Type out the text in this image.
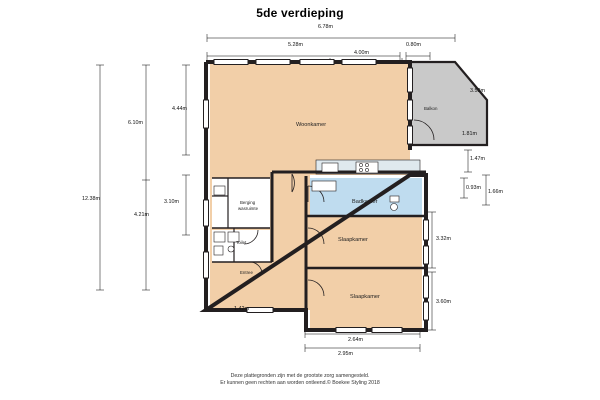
5de verdieping
Woonkamer
Balkon
Badkamer
Slaapkamer
Slaapkamer
Entree
Toilet
Berging
wasruimte
6.78m
5.28m
4.00m
0.80m
12.38m
6.10m
4.44m
3.10m
4.21m
3.53m
1.81m
1.47m
0.93m
1.66m
3.32m
3.60m
1.42m
2.64m
2.95m
Deze plattegronden zijn met de grootste zorg samengesteld.
Er kunnen geen rechten aan worden ontleend.© Boekee Styling 2018
